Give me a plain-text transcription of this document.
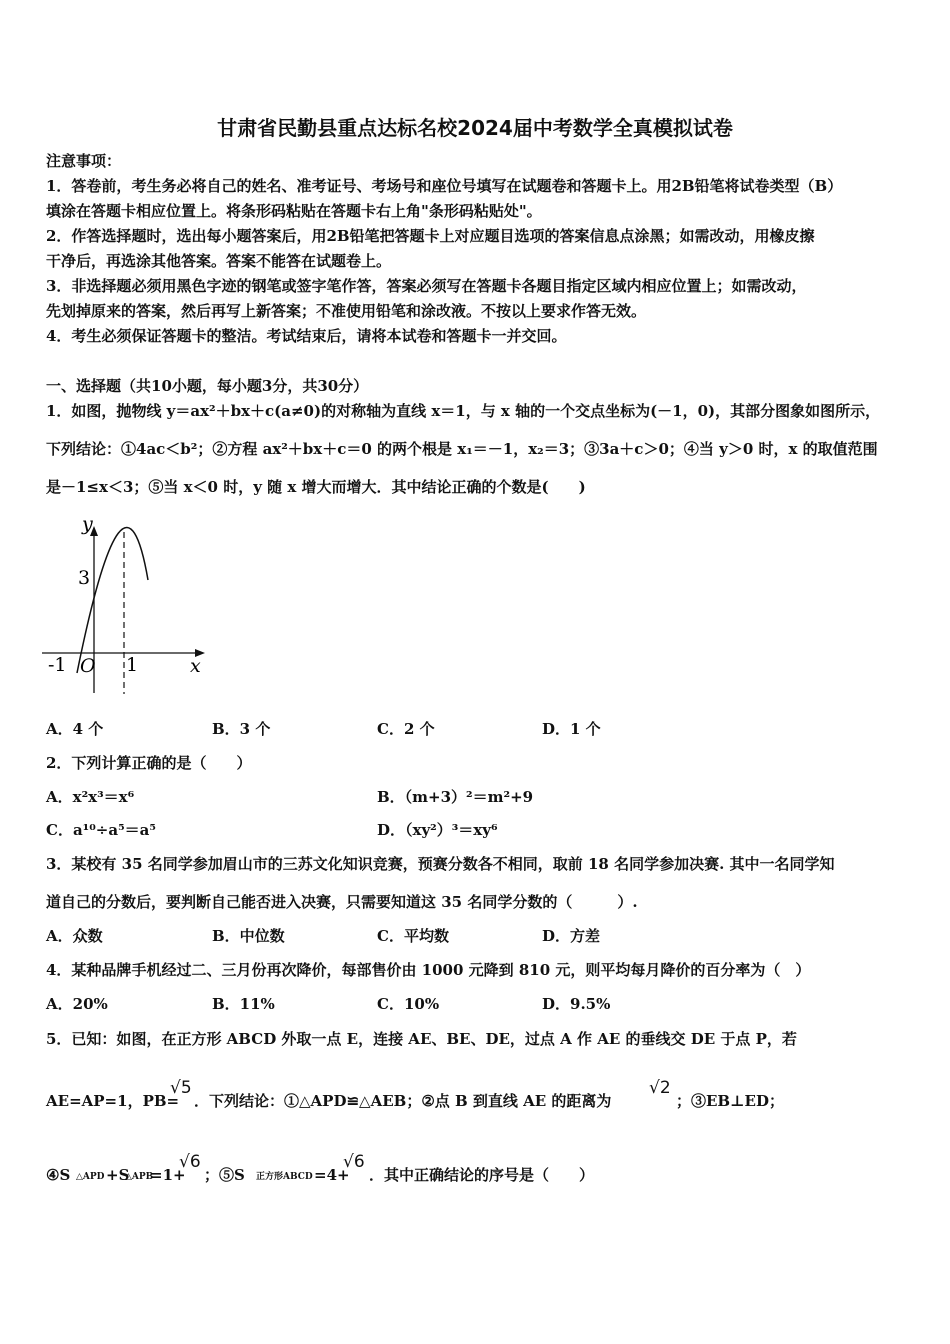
甘肃省民勤县重点达标名校2024届中考数学全真模拟试卷
注意事项：
1．答卷前，考生务必将自己的姓名、准考证号、考场号和座位号填写在试题卷和答题卡上。用2B铅笔将试卷类型（B）
填涂在答题卡相应位置上。将条形码粘贴在答题卡右上角"条形码粘贴处"。
2．作答选择题时，选出每小题答案后，用2B铅笔把答题卡上对应题目选项的答案信息点涂黑；如需改动，用橡皮擦
干净后，再选涂其他答案。答案不能答在试题卷上。
3．非选择题必须用黑色字迹的钢笔或签字笔作答，答案必须写在答题卡各题目指定区域内相应位置上；如需改动，
先划掉原来的答案，然后再写上新答案；不准使用铅笔和涂改液。不按以上要求作答无效。
4．考生必须保证答题卡的整洁。考试结束后，请将本试卷和答题卡一并交回。
一、选择题（共10小题，每小题3分，共30分）
1．如图，抛物线 y＝ax²＋bx＋c(a≠0)的对称轴为直线 x＝1，与 x 轴的一个交点坐标为(－1，0)，其部分图象如图所示，
下列结论：①4ac＜b²；②方程 ax²＋bx＋c＝0 的两个根是 x₁＝－1，x₂＝3；③3a＋c＞0；④当 y＞0 时，x 的取值范围
是－1≤x＜3；⑤当 x＜0 时，y 随 x 增大而增大．其中结论正确的个数是(　　)
y
x
3
-1 O 1
A．4 个	B．3 个	C．2 个	D．1 个
2．下列计算正确的是（　　）
A．x²x³＝x⁶	B．（m+3）²＝m²+9
C．a¹⁰÷a⁵＝a⁵	D．（xy²）³＝xy⁶
3．某校有 35 名同学参加眉山市的三苏文化知识竞赛，预赛分数各不相同，取前 18 名同学参加决赛. 其中一名同学知
道自己的分数后，要判断自己能否进入决赛，只需要知道这 35 名同学分数的（　　　）.
A．众数	B．中位数	C．平均数	D．方差
4．某种品牌手机经过二、三月份再次降价，每部售价由 1000 元降到 810 元，则平均每月降价的百分率为（　）
A．20%	B．11%	C．10%	D．9.5%
5．已知：如图，在正方形 ABCD 外取一点 E，连接 AE、BE、DE，过点 A 作 AE 的垂线交 DE 于点 P，若
AE=AP=1，PB=
√5
．下列结论：①△APD≌△AEB；②点 B 到直线 AE 的距离为
√2
；③EB⊥ED；
④S △APD +S
△APB
=1+
√6
；⑤S 正方形ABCD =4+
√6
．其中正确结论的序号是（　　）
